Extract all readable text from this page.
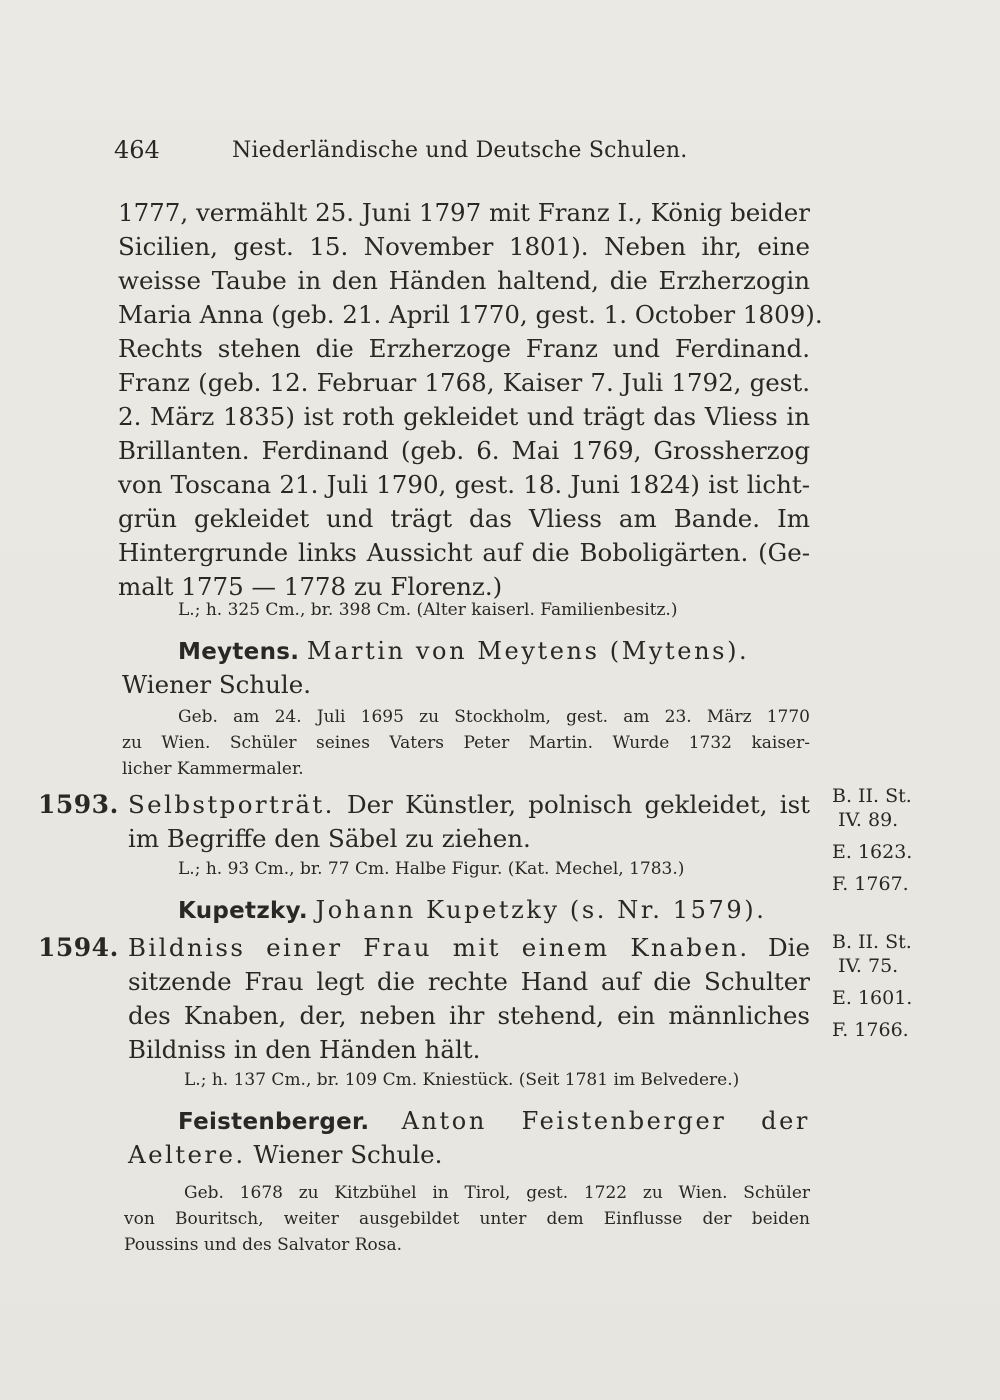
464	Niederländische und Deutsche Schulen.
1777, vermählt 25. Juni 1797 mit Franz I., König beider
Sicilien, gest. 15. November 1801). Neben ihr, eine
weisse Taube in den Händen haltend, die Erzherzogin
Maria Anna (geb. 21. April 1770, gest. 1. October 1809).
Rechts stehen die Erzherzoge Franz und Ferdinand.
Franz (geb. 12. Februar 1768, Kaiser 7. Juli 1792, gest.
2. März 1835) ist roth gekleidet und trägt das Vliess in
Brillanten. Ferdinand (geb. 6. Mai 1769, Grossherzog
von Toscana 21. Juli 1790, gest. 18. Juni 1824) ist licht-
grün gekleidet und trägt das Vliess am Bande. Im
Hintergrunde links Aussicht auf die Boboligärten. (Ge-
malt 1775 — 1778 zu Florenz.)
L.; h. 325 Cm., br. 398 Cm. (Alter kaiserl. Familienbesitz.)
Meytens. Martin von Meytens (Mytens).
Wiener Schule.
Geb. am 24. Juli 1695 zu Stockholm, gest. am 23. März 1770
zu Wien. Schüler seines Vaters Peter Martin. Wurde 1732 kaiser-
licher Kammermaler.
1593. Selbstporträt. Der Künstler, polnisch gekleidet, ist
im Begriffe den Säbel zu ziehen.
L.; h. 93 Cm., br. 77 Cm. Halbe Figur. (Kat. Mechel, 1783.)
B. II. St.
IV. 89.
E. 1623.
F. 1767.
Kupetzky. Johann Kupetzky (s. Nr. 1579).
1594. Bildniss einer Frau mit einem Knaben. Die
sitzende Frau legt die rechte Hand auf die Schulter
des Knaben, der, neben ihr stehend, ein männliches
Bildniss in den Händen hält.
L.; h. 137 Cm., br. 109 Cm. Kniestück. (Seit 1781 im Belvedere.)
B. II. St.
IV. 75.
E. 1601.
F. 1766.
Feistenberger. Anton Feistenberger der
Aeltere. Wiener Schule.
Geb. 1678 zu Kitzbühel in Tirol, gest. 1722 zu Wien. Schüler
von Bouritsch, weiter ausgebildet unter dem Einflusse der beiden
Poussins und des Salvator Rosa.
